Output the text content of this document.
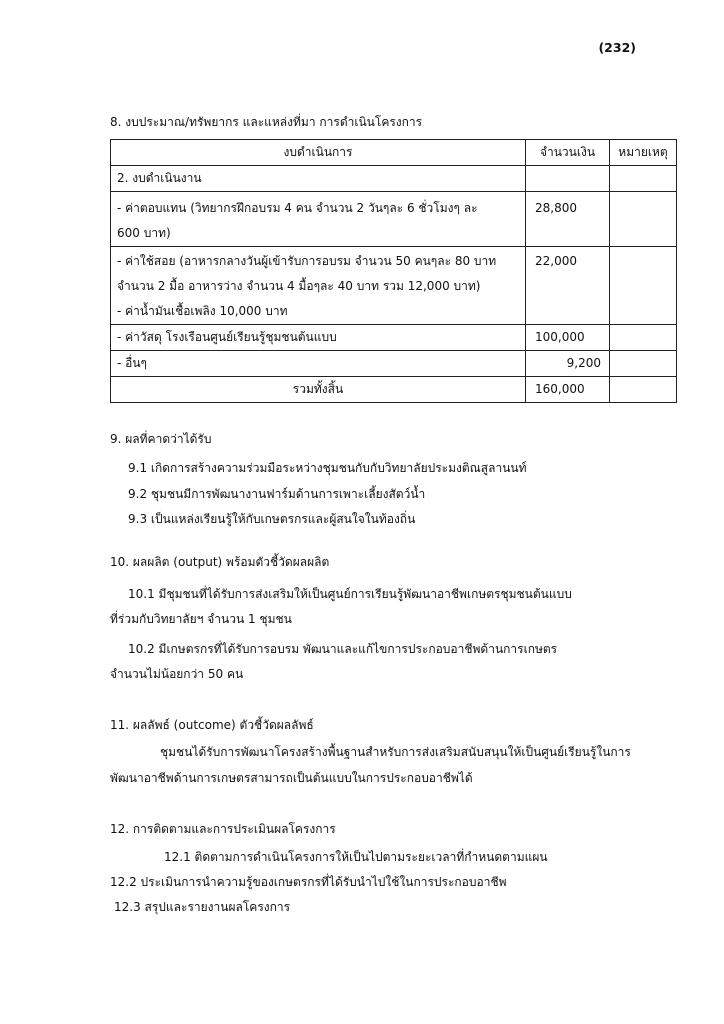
(232)
8. งบประมาณ/ทรัพยากร และแหล่งที่มา การดำเนินโครงการ
งบดำเนินการ	จำนวนเงิน	หมายเหตุ

2. งบดำเนินงาน		

- ค่าตอบแทน (วิทยากรฝึกอบรม 4 คน จำนวน 2 วันๆละ 6 ชั่วโมงๆ ละ
600 บาท)	28,800	

- ค่าใช้สอย (อาหารกลางวันผู้เข้ารับการอบรม จำนวน 50 คนๆละ 80 บาท
จำนวน 2 มื้อ อาหารว่าง จำนวน 4 มื้อๆละ 40 บาท รวม 12,000 บาท)
- ค่าน้ำมันเชื้อเพลิง 10,000 บาท	22,000	

- ค่าวัสดุ โรงเรือนศูนย์เรียนรู้ชุมชนต้นแบบ	100,000	

- อื่นๆ	9,200	
รวมทั้งสิ้น	160,000	
9. ผลที่คาดว่าได้รับ
9.1 เกิดการสร้างความร่วมมือระหว่างชุมชนกับกับวิทยาลัยประมงติณสูลานนท์
9.2 ชุมชนมีการพัฒนางานฟาร์มด้านการเพาะเลี้ยงสัตว์น้ำ
9.3 เป็นแหล่งเรียนรู้ให้กับเกษตรกรและผู้สนใจในท้องถิ่น
10. ผลผลิต (output) พร้อมตัวชี้วัดผลผลิต
10.1 มีชุมชนที่ได้รับการส่งเสริมให้เป็นศูนย์การเรียนรู้พัฒนาอาชีพเกษตรชุมชนต้นแบบ
ที่ร่วมกับวิทยาลัยฯ จำนวน 1 ชุมชน
10.2 มีเกษตรกรที่ได้รับการอบรม พัฒนาและแก้ไขการประกอบอาชีพด้านการเกษตร
จำนวนไม่น้อยกว่า 50 คน
11. ผลลัพธ์ (outcome) ตัวชี้วัดผลลัพธ์
ชุมชนได้รับการพัฒนาโครงสร้างพื้นฐานสำหรับการส่งเสริมสนับสนุนให้เป็นศูนย์เรียนรู้ในการ
พัฒนาอาชีพด้านการเกษตรสามารถเป็นต้นแบบในการประกอบอาชีพได้
12. การติดตามและการประเมินผลโครงการ
12.1 ติดตามการดำเนินโครงการให้เป็นไปตามระยะเวลาที่กำหนดตามแผน
12.2 ประเมินการนำความรู้ของเกษตรกรที่ได้รับนำไปใช้ในการประกอบอาชีพ
12.3 สรุปและรายงานผลโครงการ
